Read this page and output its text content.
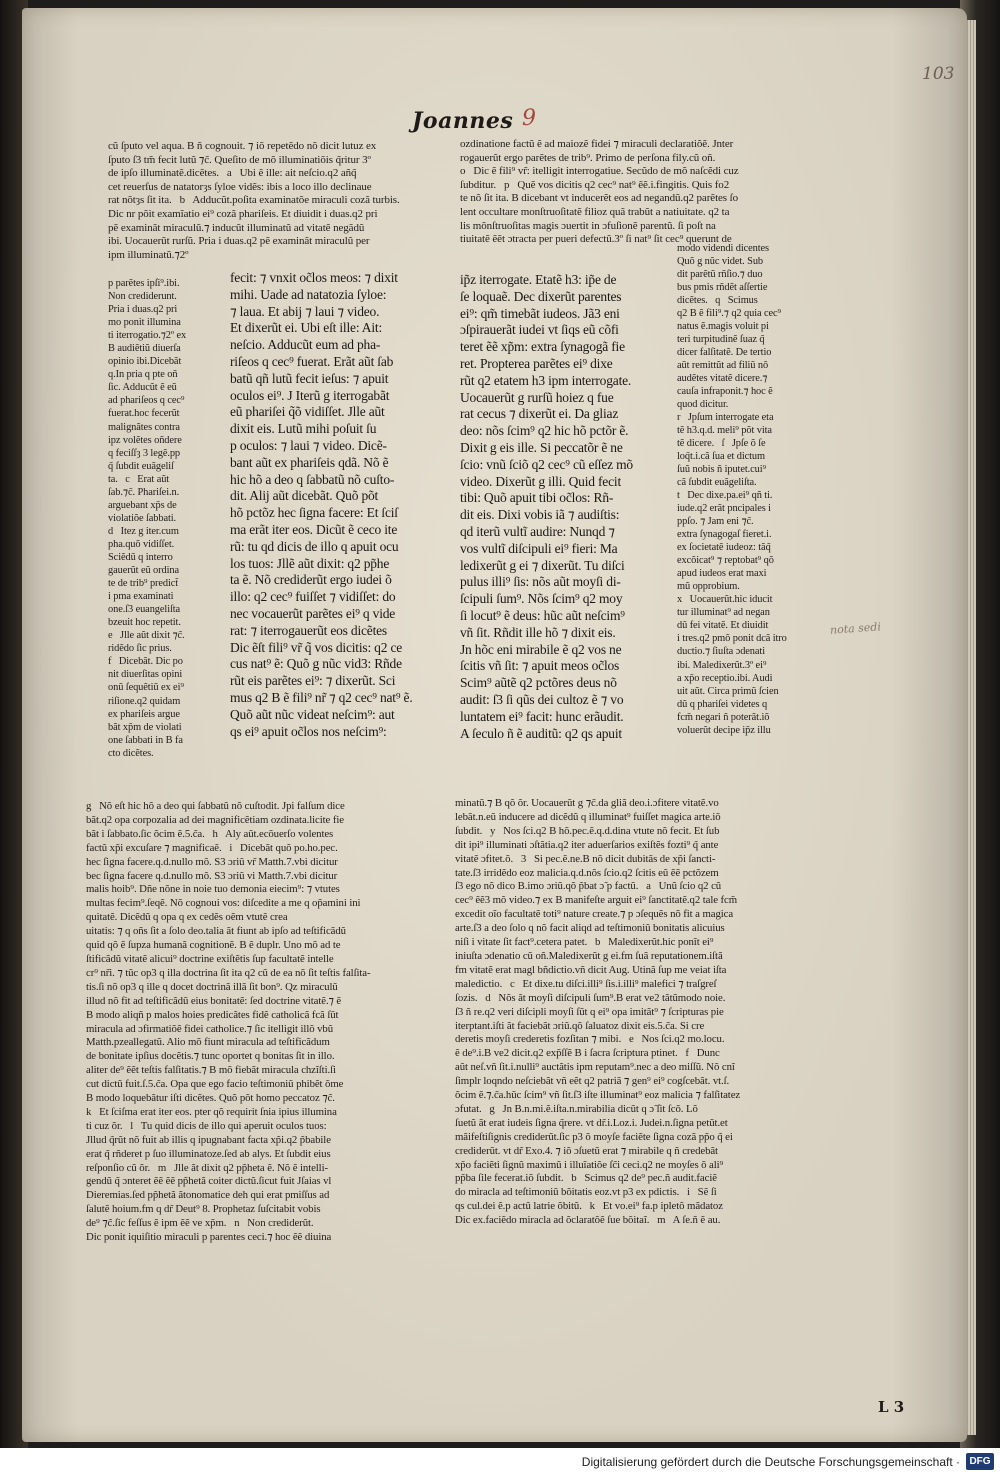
103
Joannes 9
cũ ſputo vel aqua. B ñ cognouit. ⁊ iõ repetẽdo nõ dicit lutuz ex
ſputo ſ3 tm̃ fecit lutũ ⁊c̃. Queſito de mõ illuminatiõis q̃ritur 3º
de ipſo illuminatẽ.dicẽtes.   a   Ubi ẽ ille: ait neſcio.q2 añq̃
cet reuerſus de natatorȝs ſyloe vidẽs: ibis a loco illo declinaue
rat nõtȝs ſit ita.   b   Adducũt.poſita examinatõe miraculi cozã turbis.
Dic nr põit examĩatio ei⁹ cozã phariſeis. Et diuidit i duas.q2 pri
pẽ examinãt miraculũ.⁊ inducũt illuminatũ ad vitatẽ negãdũ
ibi. Uocauerũt rurſũ. Pria i duas.q2 pẽ examinãt miraculũ per
ipm illuminatũ.⁊2º
p parẽtes ipſi⁹.ibi.
Non crediderunt.
Pria i duas.q2 pri
mo ponit illumina
ti iterrogatio.⁊2º ex
B audiẽtiũ diuerſa
opinio ibi.Dicebãt
q.In pria q pte oñ
ſic. Adducũt ẽ eũ
ad phariſeos q cec⁹
fuerat.hoc fecerũt
malignãtes contra
ipz volẽtes oñdere
q feciſſȝ 3 legẽ.pp
q̃ ſubdit euãgeliſ
ta.   c   Erat aũt
ſab.⁊c̃. Phariſei.n.
arguebant xp̃s de
violatiõe ſabbati.
d   Itez g iter.cum
pha.quõ vidiſſet.
Sciẽdũ q interro
gauerũt eũ ordina
te de trib⁹ predict̃
i pma examinati
one.ſ3 euangeliſta
bzeuit hoc repetit.
e   Jlle aũt dixit ⁊c̃.
ridẽdo ſic prius.
f   Dicebãt. Dic po
nit diuerſitas opini
onũ ſequẽtiũ ex ei⁹
riſione.q2 quidam
ex phariſeis argue
bãt xp̃m de violati
one ſabbati in B fa
cto dicẽtes.
fecit: ⁊ vnxit oc̃los meos: ⁊ dixit
mihi. Uade ad natatozia ſyloe:
⁊ laua. Et abij ⁊ laui ⁊ video.
Et dixerũt ei. Ubi eſt ille: Ait:
neſcio. Adducũt eum ad pha-
riſeos q cec⁹ fuerat. Erãt aũt ſab
batũ qñ lutũ fecit ieſus: ⁊ apuit
oculos ei⁹. J Iterũ g iterrogabãt
eũ phariſei q̃õ vidiſſet. Jlle aũt
dixit eis. Lutũ mihi poſuit ſu
p oculos: ⁊ laui ⁊ video. Dicẽ-
bant aũt ex phariſeis qdã. Nõ ẽ
hic hõ a deo q ſabbatũ nõ cuſto-
dit. Alij aũt dicebãt. Quõ põt
hõ pctõz hec ſigna facere: Et ſciſ
ma erãt iter eos. Dicũt ẽ ceco ite
rũ: tu qd dicis de illo q apuit ocu
los tuos: Jllẽ aũt dixit: q2 pp̃he
ta ẽ. Nõ crediderũt ergo iudei õ
illo: q2 cec⁹ fuiſſet ⁊ vidiſſet: do
nec vocauerũt parẽtes ei⁹ q vide
rat: ⁊ iterrogauerũt eos dicẽtes
Dic ẽſt fili⁹ vr̃ q̃ vos dicitis: q2 ce
cus nat⁹ ẽ: Quõ g nũc vid3: Rñde
rũt eis parẽtes ei⁹: ⁊ dixerũt. Sci
mus q2 B ẽ fili⁹ nr̃ ⁊ q2 cec⁹ nat⁹ ẽ.
Quõ aũt nũc videat neſcim⁹: aut
qs ei⁹ apuit oc̃los nos neſcim⁹:
ip̃z iterrogate. Etatẽ h3: ip̃e de
ſe loquaẽ. Dec dixerũt parentes
ei⁹: qm̃ timebãt iudeos. Jã3 eni
ɔſpirauerãt iudei vt ſiqs eũ cõfi
teret ẽẽ xp̃m: extra ſynagogã fie
ret. Propterea parẽtes ei⁹ dixe
rũt q2 etatem h3 ipm interrogate.
Uocauerũt g rurſũ hoiez q fue
rat cecus ⁊ dixerũt ei. Da gliaz
deo: nõs ſcim⁹ q2 hic hõ pctõr ẽ.
Dixit g eis ille. Si peccatõr ẽ ne
ſcio: vnũ ſciõ q2 cec⁹ cũ eſſez mõ
video. Dixerũt g illi. Quid fecit
tibi: Quõ apuit tibi oc̃los: Rñ-
dit eis. Dixi vobis iã ⁊ audiſtis:
qd iterũ vultĩ audire: Nunqd ⁊
vos vultĩ diſcipuli ei⁹ fieri: Ma
ledixerũt g ei ⁊ dixerũt. Tu diſci
pulus illi⁹ ſis: nõs aũt moyſi di-
ſcipuli ſum⁹. Nõs ſcim⁹ q2 moy
ſi locut⁹ ẽ deus: hũc aũt neſcim⁹
vñ ſit. Rñdit ille hõ ⁊ dixit eis.
Jn hõc eni mirabile ẽ q2 vos ne
ſcitis vñ ſit: ⁊ apuit meos oc̃los
Scim⁹ aũtẽ q2 pctõres deus nõ
audit: ſ3 ſi qũs dei cultoz ẽ ⁊ vo
luntatem ei⁹ facit: hunc erãudit.
A ſeculo ñ ẽ auditũ: q2 qs apuit
ozdinatione factũ ẽ ad maiozẽ fidei ⁊ miraculi declaratiõẽ. Jnter
rogauerũt ergo parẽtes de trib⁹. Primo de perſona fily.cũ oñ.
o   Dic ẽ fili⁹ vr̃: itelligit interrogatiue. Secũdo de mõ naſcẽdi cuz
ſubditur.   p   Quẽ vos dicitis q2 cec⁹ nat⁹ ẽẽ.i.fingitis. Quis fo2
te nõ ſit ita. B dicebant vt inducerẽt eos ad negandũ.q2 parẽtes ſo
lent occultare monſtruoſitatẽ filioz quã trabũt a natiuitate. q2 ta
lis mõnſtruoſitas magis ɔuertit in ɔfuſionẽ parentũ. ſi poſt na
tiuitatẽ ẽẽt ɔtracta per pueri defectũ.3º ſi nat⁹ ſit cec⁹ querunt de
modo videndi dicentes
Quõ g nũc videt. Sub
dit parẽtũ rñſio.⁊ duo
bus pmis rñdẽt aſſertie
dicẽtes.   q   Scimus
q2 B ẽ fili⁹.⁊ q2 quia cec⁹
natus ẽ.magis voluit pi
teri turpitudinẽ ſuaz q̃
dicer falſitatẽ. De tertio
aũt remittũt ad filiũ nõ
audẽtes vitatẽ dicere.⁊
cauſa infraponit.⁊ hoc ẽ
quod dicitur.
r   Jpſum interrogate eta
tẽ h3.q.d. meli⁹ põt vita
tẽ dicere.   ſ   Jpſe õ ſe
loq̃t.i.cã ſua et dictum
ſuũ nobis ñ iputet.cui⁹
cã ſubdit euãgeliſta.
t   Dec dixe.pa.ei⁹ qñ ti.
iude.q2 erãt pncipales i
ppſo. ⁊ Jam eni ⁊c̃.
extra ſynagogaſ fieret.i.
ex ſocietatẽ iudeoz: tãq̃
excõicat⁹ ⁊ reptobat⁹ qõ
apud iudeos erat maxi
mũ opprobium.
x   Uocauerũt.hic iducit
tur illuminat⁹ ad negan
dũ fei vitatẽ. Et diuidit
i tres.q2 pmõ ponit dcã itro
ductio.⁊ ſiuſta ɔdenati
ibi. Maledixerũt.3º ei⁹
a xp̃o receptio.ibi. Audi
uit aũt. Circa primũ ſcien
dũ q phariſei videtes q
fcm̃ negari ñ poterãt.iõ
voluerũt decipe ip̃z illu
g   Nõ eſt hic hõ a deo qui ſabbatũ nõ cuſtodit. Jpi falſum dice
bãt.q2 opa corpozalia ad dei magnificẽtiam ozdinata.licite fie
bãt i ſabbato.ſic õcim ẽ.5.c̃a.   h   Aly aũt.ecõuerſo volentes
factũ xp̃i excuſare ⁊ magnificaẽ.   i   Dicebãt quõ po.ho.pec.
hec ſigna facere.q.d.nullo mõ. S3 ɔriũ vr̃ Matth.7.vbi dicitur
bec ſigna facere q.d.nullo mõ. S3 ɔriũ vi Matth.7.vbi dicitur
malis hoib⁹. Dñe nõne in noie tuo demonia eiecim⁹: ⁊ vtutes
multas fecim⁹.ſeqẽ. Nõ cognoui vos: diſcedite a me q op̃amini ini
quitatẽ. Dicẽdũ q opa q ex cedẽs oẽm vtutẽ crea
uitatis: ⁊ q oñs ſit a ſolo deo.talia ãt fiunt ab ipſo ad teſtificãdũ
quid qõ ẽ ſupza humanã cognitionẽ. B ẽ duplr. Uno mõ ad te
ſtificãdũ vitatẽ alicui⁹ doctrine exiſtẽtis ſup facultatẽ intelle
cr⁹ nr̃i. ⁊ tũc op3 q illa doctrina ſit ita q2 cũ de ea nõ ſit teſtis falſita-
tis.ſi nõ op3 q ille q docet doctrinã illã ſit bon⁹. Qz miraculũ
illud nõ fit ad teſtificãdũ eius bonitatẽ: ſed doctrine vitatẽ.⁊ ẽ
B modo aliqñ p malos hoies predicãtes fidẽ catholicã fcã ſũt
miracula ad ɔfirmatiõẽ fidei catholice.⁊ ſic itelligit illõ vbũ
Matth.pzeallegatũ. Alio mõ fiunt miracula ad teſtificãdum
de bonitate ipſius docẽtis.⁊ tunc oportet q bonitas ſit in illo.
aliter de⁹ ẽẽt teſtis falſitatis.⁊ B mõ fiebãt miracula chzĩſti.ſi
cut dictũ fuit.ſ.5.c̃a. Opa que ego facio teſtimoniũ phibẽt õme
B modo loquebãtur iſti dicẽtes. Quõ põt homo peccatoz ⁊c̃.
k   Et ſciſma erat iter eos. pter qõ requirit ſnia ipius illumina
ti cuz õr.   l   Tu quid dicis de illo qui aperuit oculos tuos:
Jllud q̃rũt nõ fuit ab illis q ipugnabant facta xp̃i.q2 p̃babile
erat q̃ rñderet p ſuo illuminatoze.ſed ab alys. Et ſubdit eius
reſponſio cũ õr.   m   Jlle ãt dixit q2 pp̃heta ẽ. Nõ ẽ intelli-
gendũ q̃ ɔnteret ẽẽ ẽẽ pp̃hetã coiter dictũ.ſicut fuit Jſaias vl
Dieremias.ſed pp̃hetã ãtonomatice deh qui erat pmiſſus ad
ſalutẽ hoium.fm q dr̃ Deut⁹ 8. Prophetaz ſuſcitabit vobis
de⁹ ⁊c̃.ſic feſſus ẽ ipm ẽẽ ve xp̃m.   n   Non crediderũt.
Dic ponit iquiſitio miraculi p parentes ceci.⁊ hoc ẽẽ diuina
minatũ.⁊ B qõ õr. Uocauerũt g ⁊c̃.da gliã deo.i.ɔfitere vitatẽ.vo
lebãt.n.eũ inducere ad dicẽdũ q illuminat⁹ fuiſſet magica arte.iõ
ſubdit.   y   Nos ſci.q2 B hõ.pec.ẽ.q.d.dina vtute nõ fecit. Et ſub
dit ipi⁹ illuminati ɔſtãtia.q2 iter aduerſarios exiſtẽs fozti⁹ q̃ ante
vitatẽ ɔfitet.õ.   3   Si pec.ẽ.ne.B nõ dicit dubitãs de xp̃i ſancti-
tate.ſ3 irridẽdo eoz malicia.q.d.nõs ſcio.q2 ſcitis eũ ẽẽ pctõzem
ſ3 ego nõ dico B.imo ɔriũ.qõ p̃bat ɔ̃ p factũ.   a   Unũ ſcio q2 cũ
cec⁹ ẽẽ3 mõ video.⁊ ex B manifeſte arguit ei⁹ ſanctitatẽ.q2 tale fcm̃
excedit oĩo facultatẽ toti⁹ nature create.⁊ p ɔſequẽs nõ fit a magica
arte.ſ3 a deo ſolo q nõ facit aliqd ad teſtimoniũ bonitatis alicuius
niſi i vitate ſit fact⁹.cetera patet.   b   Maledixerũt.hic ponĩt ei⁹
iniuſta ɔdenatio cũ oñ.Maledixerũt g ei.fm ſuã reputationem.iſtã
fm vitatẽ erat magl bñdictio.vñ dicit Aug. Utinã ſup me veiat iſta
maledictio.   c   Et dixe.tu diſci.illi⁹ ſis.i.illi⁹ malefici ⁊ traſgreſ
ſozis.   d   Nõs ãt moyſi diſcipuli ſum⁹.B erat ve2 tãtũmodo noie.
ſ3 ñ re.q2 veri diſcipli moyſi ſũt q ei⁹ opa imitãt⁹ ⁊ ſcripturas pie
iterptant.iſti ãt faciebãt ɔriũ.qõ ſaluatoz dixit eis.5.c̃a. Si cre
deretis moyſi crederetis fozſitan ⁊ mibi.   e   Nos ſci.q2 mo.locu.
ẽ de⁹.i.B ve2 dicit.q2 exp̃ſſẽ B i ſacra ſcriptura ptinet.   f   Dunc
aũt neſ.vñ ſit.i.nulli⁹ auctãtis ipm reputam⁹.nec a deo miſſũ. Nõ cnĩ
ſimplr loqndo neſciebãt vñ eẽt q2 patriã ⁊ gen⁹ ei⁹ cogſcebãt. vt.ſ.
õcim ẽ.⁊.c̃a.hũc ſcim⁹ vñ ſit.ſ3 iſte illuminat⁹ eoz malicia ⁊ falſitatez
ɔfutat.   g   Jn B.n.mi.ẽ.iſta.n.mirabilia dicũt q ɔ̃ ſit ſcõ. Lõ
ſuetũ ãt erat iudeis ſigna q̃rere. vt dr̃.i.Loz.i. Judei.n.ſigna petũt.et
mãifeſtiſignis crediderũt.ſic p3 õ moyſe faciẽte ſigna cozã pp̃o q̃ ei
crediderũt. vt dr̃ Exo.4. ⁊ iõ ɔſuetũ erat ⁊ mirabile q ñ credebãt
xp̃o faciẽti ſignũ maximũ i illuĩatiõe ſc̃i ceci.q2 ne moyſes õ ali⁹
pp̃ba ſile fecerat.iõ ſubdit.   b   Scimus q2 de⁹ pec.ñ audit.faciẽ
do miracla ad teſtimoniũ bõitatis eoz.vt p3 ex pdictis.   i   Sẽ ſi
qs cul.dei ẽ.p actũ latrie õbitũ.   k   Et vo.ei⁹ fa.p ipletõ mãdatoz
Dic ex.faciẽdo miracla ad õclaratõẽ ſue bõitaĩ.   m   A ſe.ñ ẽ au.
nota sedi
L 3
Digitalisierung gefördert durch die Deutsche Forschungsgemeinschaft · DFG
